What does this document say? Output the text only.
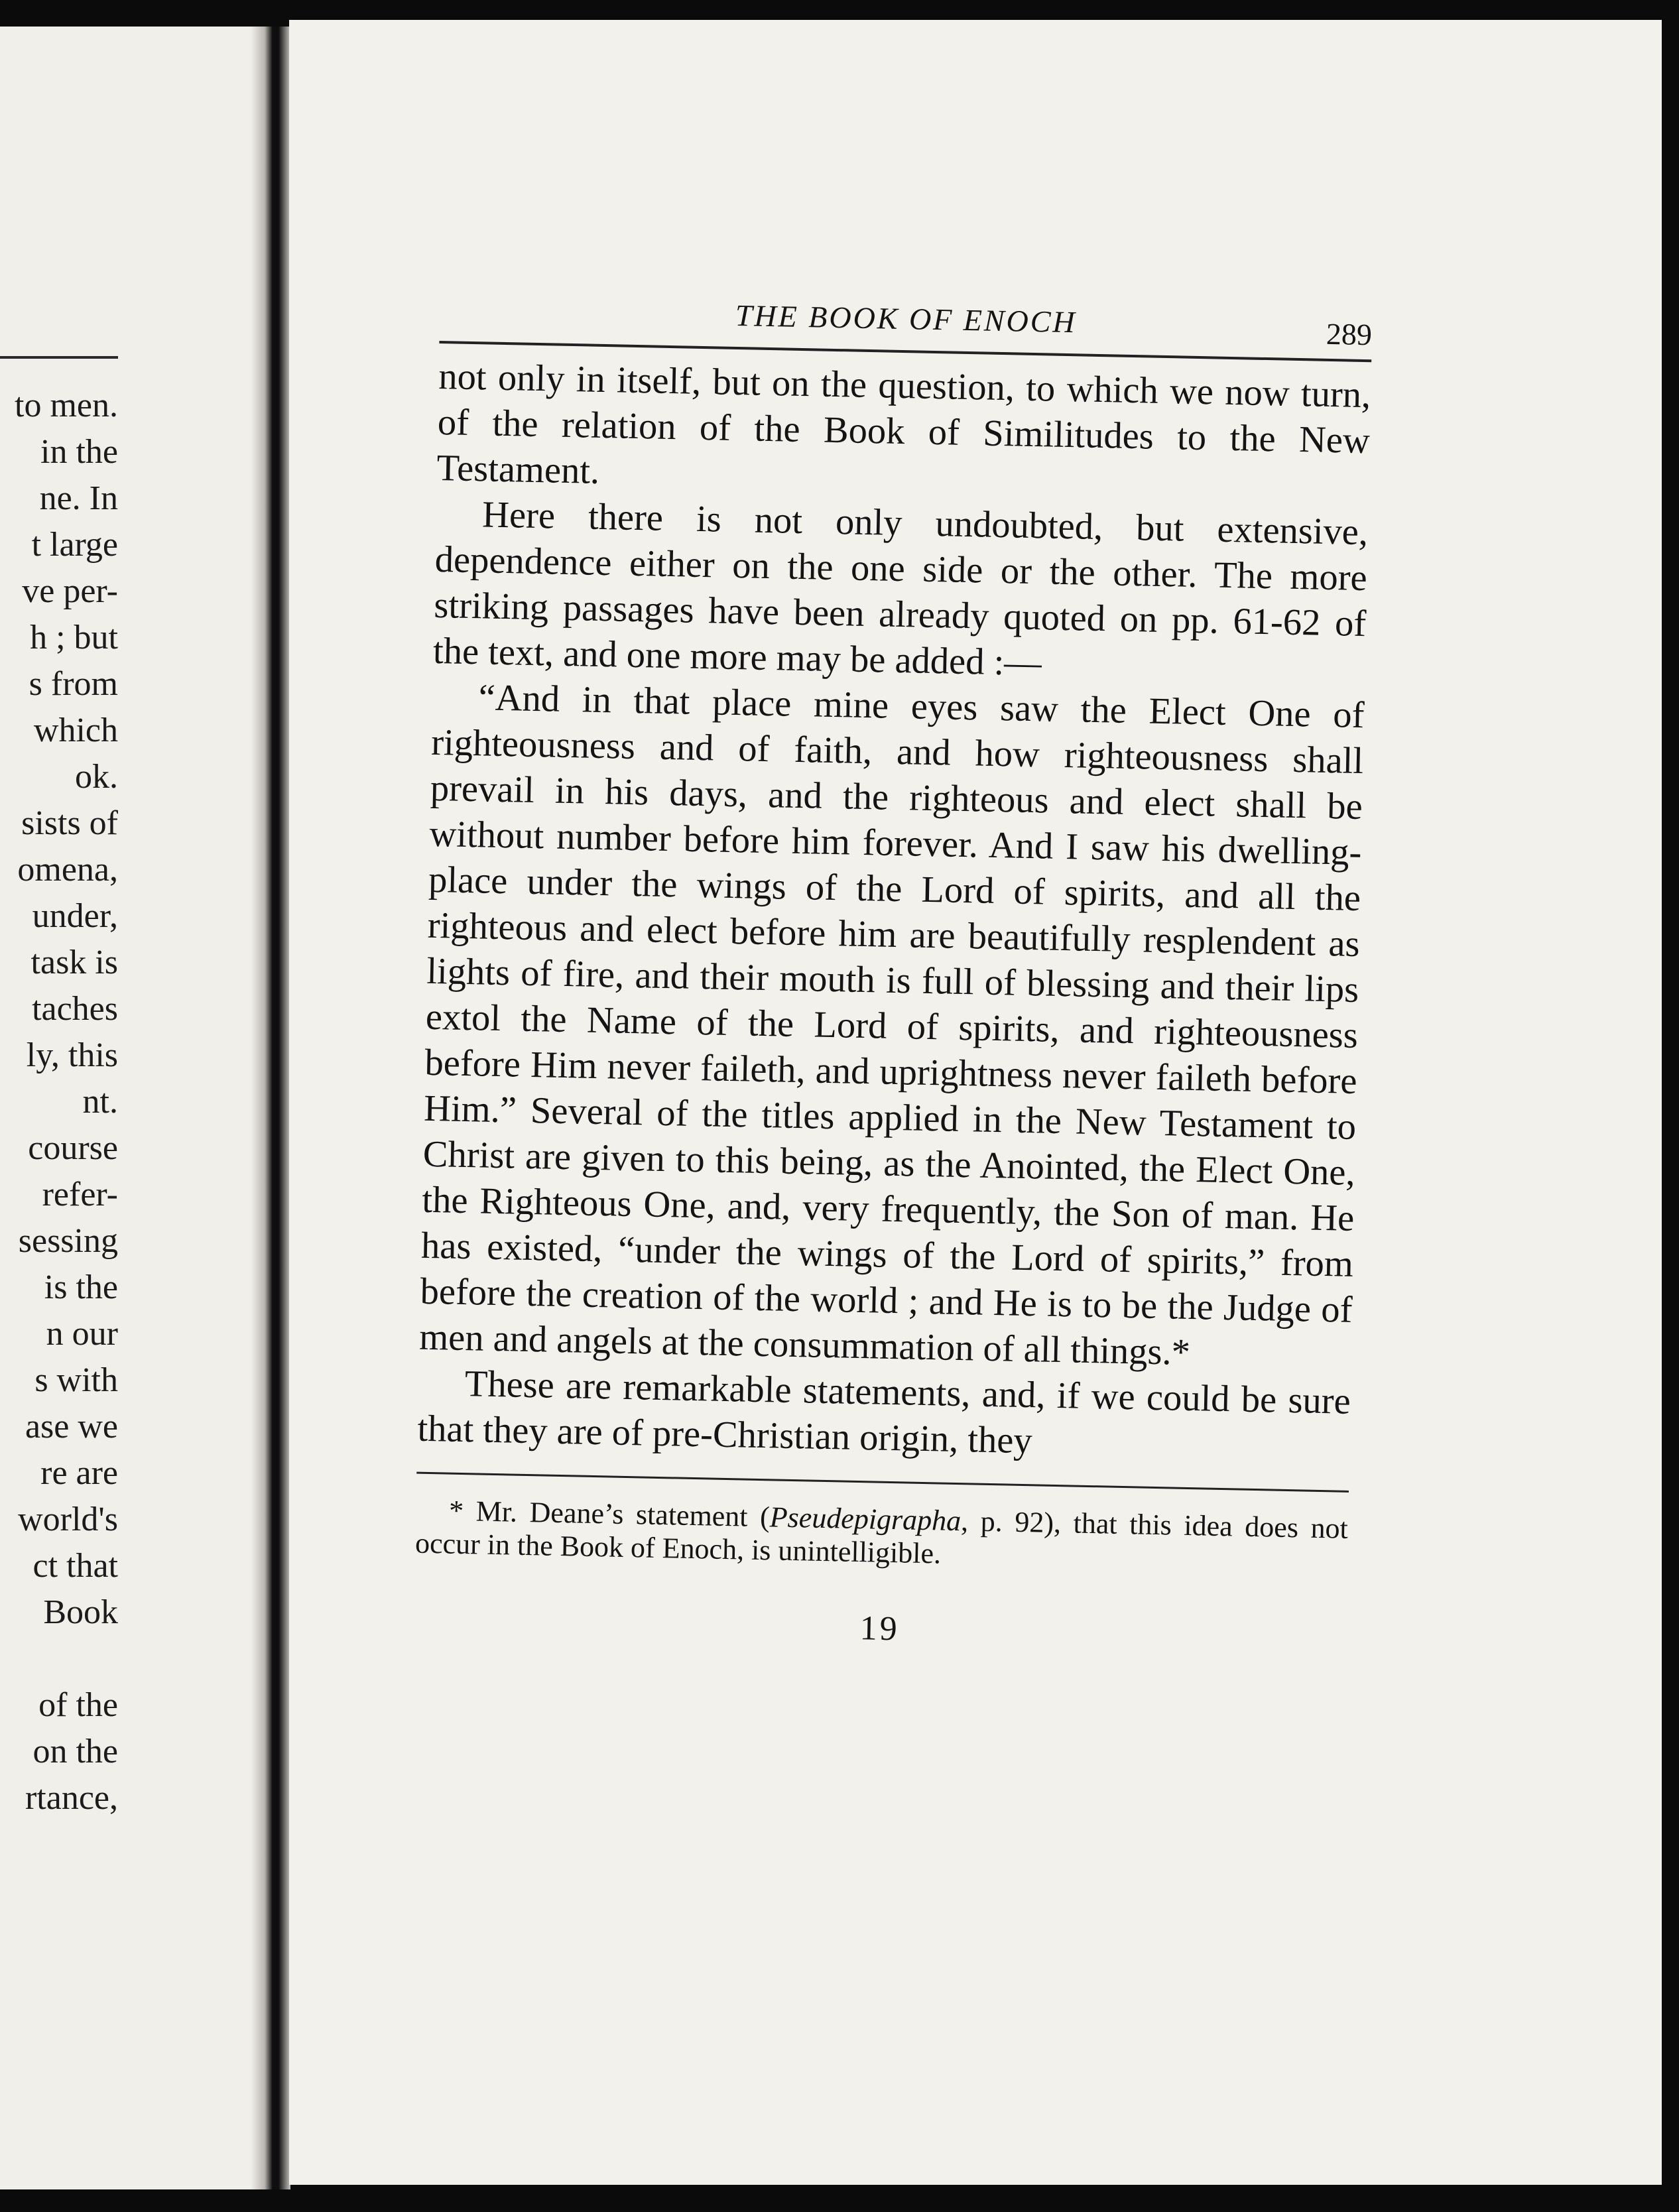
to men.
in the
ne. In
t large
ve per-
h ; but
s from
which
ok.
sists of
omena,
under,
task is
taches
ly, this
nt.
course
refer-
sessing
is the
n our
s with
ase we
re are
world's
ct that
Book
of the
on the
rtance,
THE BOOK OF ENOCH	289

not only in itself, but on the question, to which we now turn, of the relation of the Book of Similitudes to the New Testament.

Here there is not only undoubted, but extensive, dependence either on the one side or the other. The more striking passages have been already quoted on pp. 61-62 of the text, and one more may be added :—

“And in that place mine eyes saw the Elect One of righteousness and of faith, and how righteousness shall prevail in his days, and the righteous and elect shall be without number before him forever. And I saw his dwelling-place under the wings of the Lord of spirits, and all the righteous and elect before him are beautifully resplendent as lights of fire, and their mouth is full of blessing and their lips extol the Name of the Lord of spirits, and righteousness before Him never faileth, and uprightness never faileth before Him.” Several of the titles applied in the New Testament to Christ are given to this being, as the Anointed, the Elect One, the Righteous One, and, very frequently, the Son of man. He has existed, “under the wings of the Lord of spirits,” from before the creation of the world ; and He is to be the Judge of men and angels at the consummation of all things.*

These are remarkable statements, and, if we could be sure that they are of pre-Christian origin, they

* Mr. Deane’s statement (Pseudepigrapha, p. 92), that this idea does not occur in the Book of Enoch, is unintelligible.
19
